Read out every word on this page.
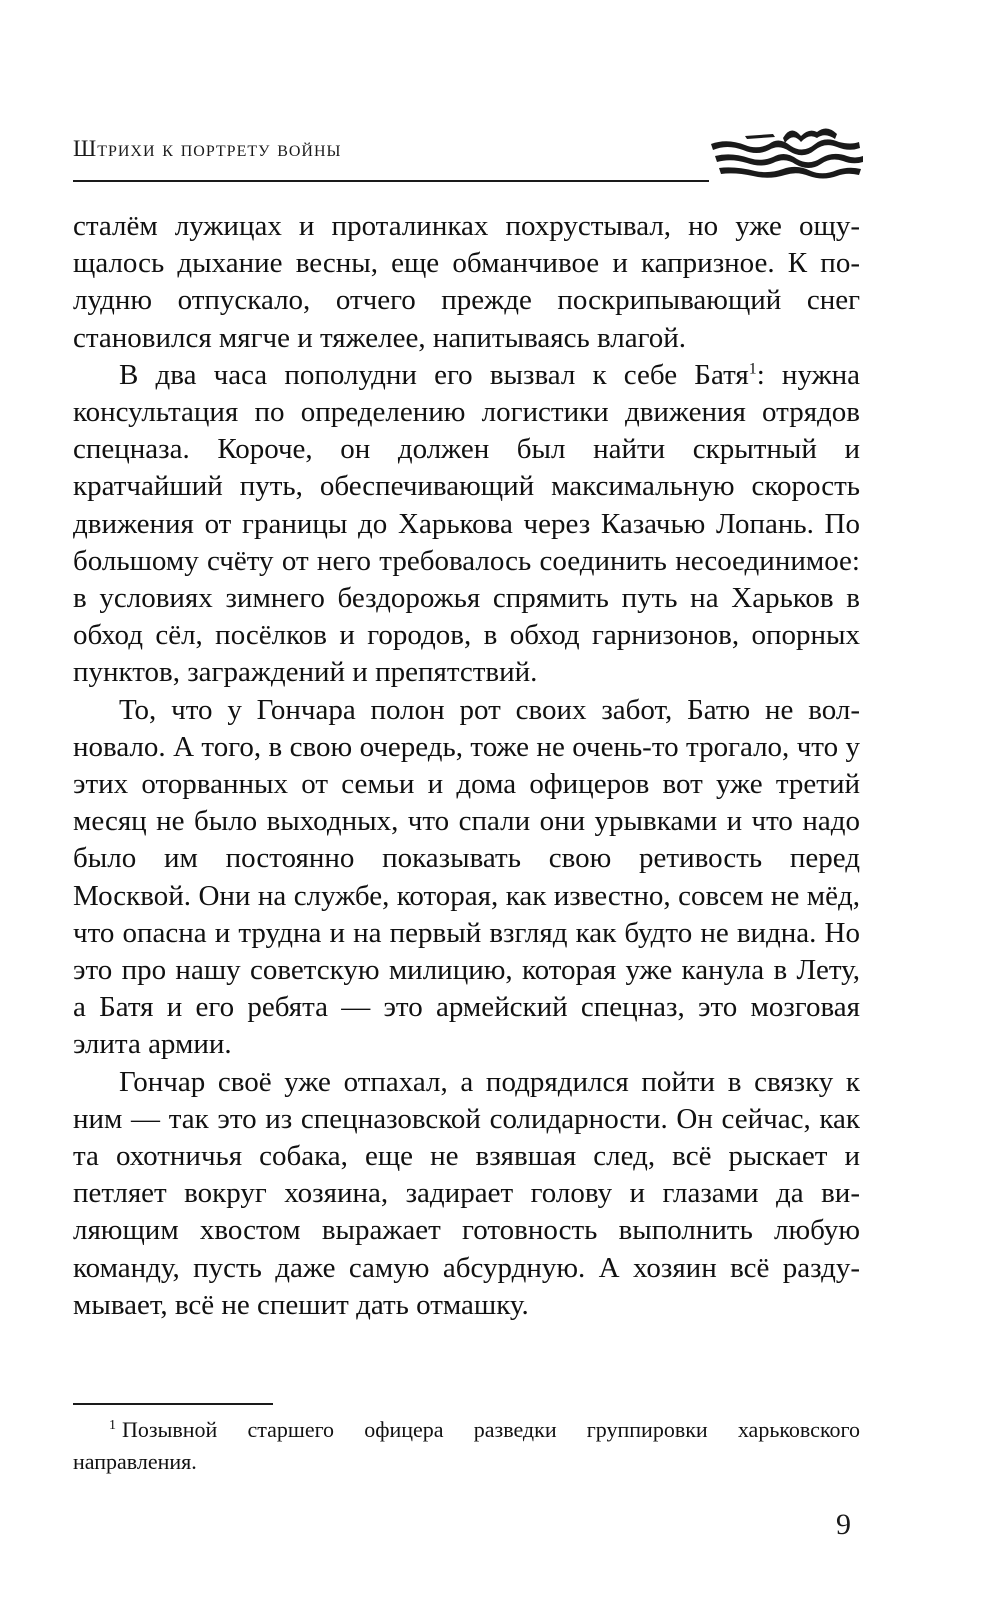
Штрихи к портрету войны

сталём лужицах и проталинках похрустывал, но уже ощущалось дыхание весны, еще обманчивое и капризное. К полудню отпускало, отчего прежде поскрипывающий снег становился мягче и тяжелее, напитываясь влагой.

В два часа пополудни его вызвал к себе Батя$^1$: нужна консультация по определению логистики движения отрядов спецназа. Короче, он должен был найти скрытный и кратчайший путь, обеспечивающий максимальную скорость движения от границы до Харькова через Казачью Лопань. По большому счёту от него требовалось соединить несоединимое: в условиях зимнего бездорожья спрямить путь на Харьков в обход сёл, посёлков и городов, в обход гарнизонов, опорных пунктов, заграждений и препятствий.

То, что у Гончара полон рот своих забот, Батю не волновало. А того, в свою очередь, тоже не очень-то трогало, что у этих оторванных от семьи и дома офицеров вот уже третий месяц не было выходных, что спали они урывками и что надо было им постоянно показывать свою ретивость перед Москвой. Они на службе, которая, как известно, совсем не мёд, что опасна и трудна и на первый взгляд как будто не видна. Но это про нашу советскую милицию, которая уже канула в Лету, а Батя и его ребята — это армейский спецназ, это мозговая элита армии.

Гончар своё уже отпахал, а подрядился пойти в связку к ним — так это из спецназовской солидарности. Он сейчас, как та охотничья собака, еще не взявшая след, всё рыскает и петляет вокруг хозяина, задирает голову и глазами да виляющим хвостом выражает готовность выполнить любую команду, пусть даже самую абсурдную. А хозяин всё раздумывает, всё не спешит дать отмашку.

$^1$ Позывной старшего офицера разведки группировки харьковского направления.
9
